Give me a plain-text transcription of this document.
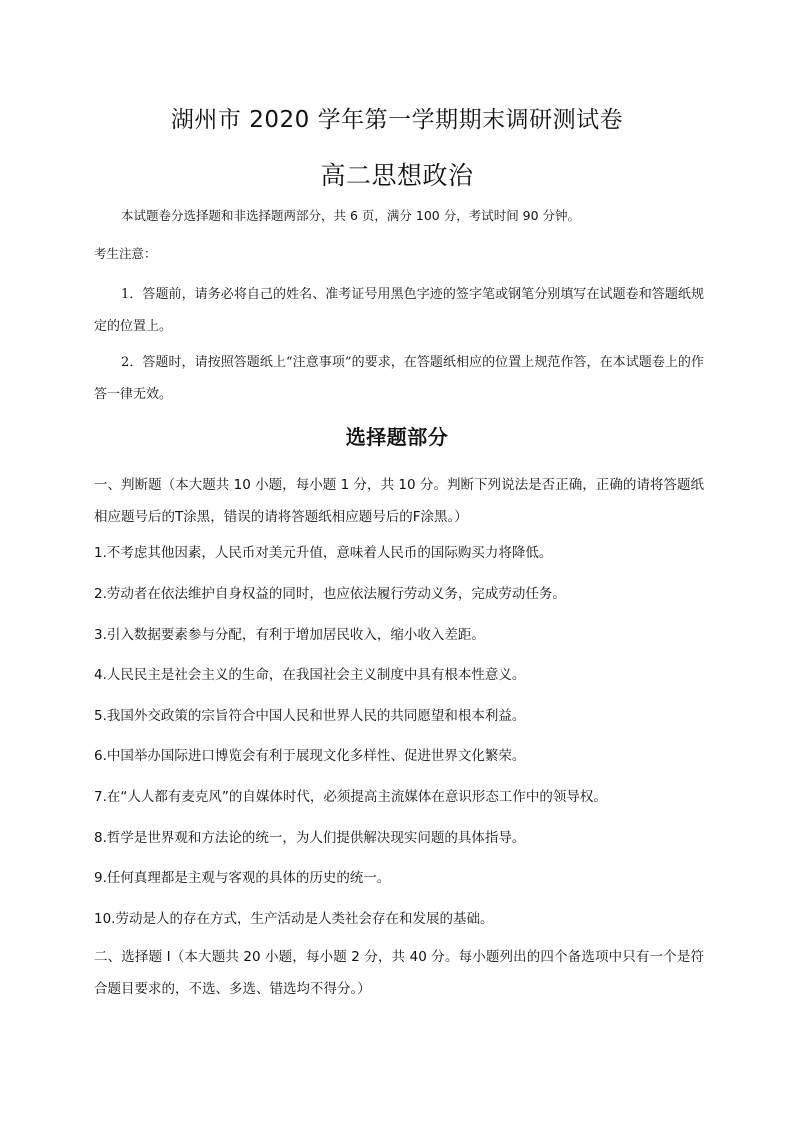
湖州市 2020 学年第一学期期末调研测试卷
高二思想政治

本试题卷分选择题和非选择题两部分，共 6 页，满分 100 分，考试时间 90 分钟。

考生注意：

1．答题前，请务必将自己的姓名、准考证号用黑色字迹的签字笔或钢笔分别填写在试题卷和答题纸规定的位置上。

2．答题时，请按照答题纸上“注意事项”的要求，在答题纸相应的位置上规范作答，在本试题卷上的作答一律无效。

选择题部分

一、判断题（本大题共 10 小题，每小题 1 分，共 10 分。判断下列说法是否正确，正确的请将答题纸相应题号后的T涂黑，错误的请将答题纸相应题号后的F涂黑。）

1.不考虑其他因素，人民币对美元升值，意味着人民币的国际购买力将降低。

2.劳动者在依法维护自身权益的同时，也应依法履行劳动义务，完成劳动任务。

3.引入数据要素参与分配，有利于增加居民收入，缩小收入差距。

4.人民民主是社会主义的生命，在我国社会主义制度中具有根本性意义。

5.我国外交政策的宗旨符合中国人民和世界人民的共同愿望和根本利益。

6.中国举办国际进口博览会有利于展现文化多样性、促进世界文化繁荣。

7.在“人人都有麦克风”的自媒体时代，必须提高主流媒体在意识形态工作中的领导权。

8.哲学是世界观和方法论的统一，为人们提供解决现实问题的具体指导。

9.任何真理都是主观与客观的具体的历史的统一。

10.劳动是人的存在方式，生产活动是人类社会存在和发展的基础。

二、选择题 I（本大题共 20 小题，每小题 2 分，共 40 分。每小题列出的四个备选项中只有一个是符合题目要求的，不选、多选、错选均不得分。）
